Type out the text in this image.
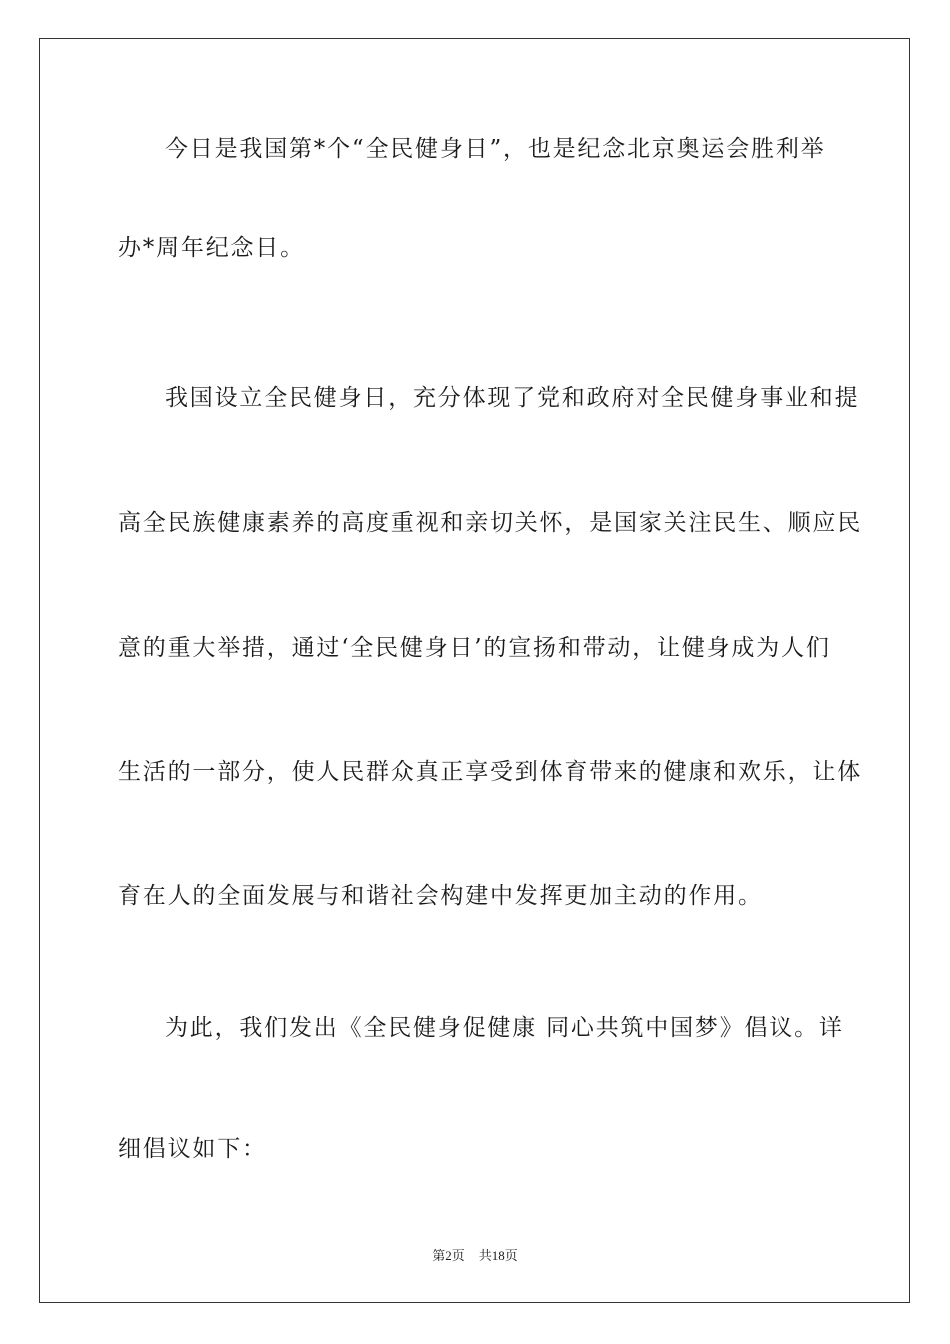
今日是我国第*个“全民健身日”，也是纪念北京奥运会胜利举
办*周年纪念日。
我国设立全民健身日，充分体现了党和政府对全民健身事业和提
高全民族健康素养的高度重视和亲切关怀，是国家关注民生、顺应民
意的重大举措，通过‘全民健身日’的宣扬和带动，让健身成为人们
生活的一部分，使人民群众真正享受到体育带来的健康和欢乐，让体
育在人的全面发展与和谐社会构建中发挥更加主动的作用。
为此，我们发出《全民健身促健康 同心共筑中国梦》倡议。详
细倡议如下：
第2页 共18页
